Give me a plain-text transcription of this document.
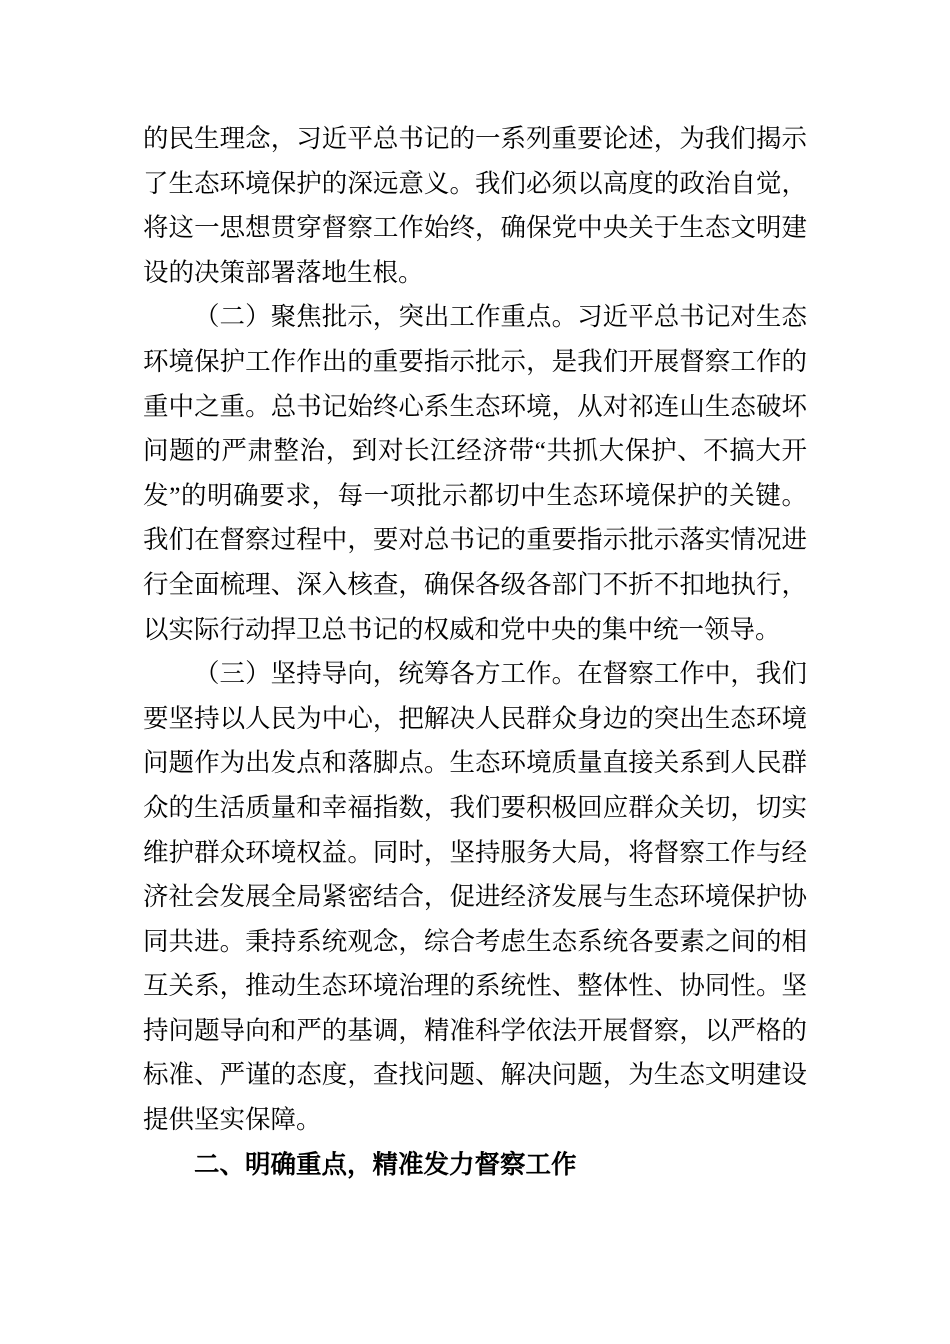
的民生理念，习近平总书记的一系列重要论述，为我们揭示了生态环境保护的深远意义。我们必须以高度的政治自觉，将这一思想贯穿督察工作始终，确保党中央关于生态文明建设的决策部署落地生根。

（二）聚焦批示，突出工作重点。习近平总书记对生态环境保护工作作出的重要指示批示，是我们开展督察工作的重中之重。总书记始终心系生态环境，从对祁连山生态破坏问题的严肃整治，到对长江经济带“共抓大保护、不搞大开发”的明确要求，每一项批示都切中生态环境保护的关键。我们在督察过程中，要对总书记的重要指示批示落实情况进行全面梳理、深入核查，确保各级各部门不折不扣地执行，以实际行动捍卫总书记的权威和党中央的集中统一领导。

（三）坚持导向，统筹各方工作。在督察工作中，我们要坚持以人民为中心，把解决人民群众身边的突出生态环境问题作为出发点和落脚点。生态环境质量直接关系到人民群众的生活质量和幸福指数，我们要积极回应群众关切，切实维护群众环境权益。同时，坚持服务大局，将督察工作与经济社会发展全局紧密结合，促进经济发展与生态环境保护协同共进。秉持系统观念，综合考虑生态系统各要素之间的相互关系，推动生态环境治理的系统性、整体性、协同性。坚持问题导向和严的基调，精准科学依法开展督察，以严格的标准、严谨的态度，查找问题、解决问题，为生态文明建设提供坚实保障。

二、明确重点，精准发力督察工作
